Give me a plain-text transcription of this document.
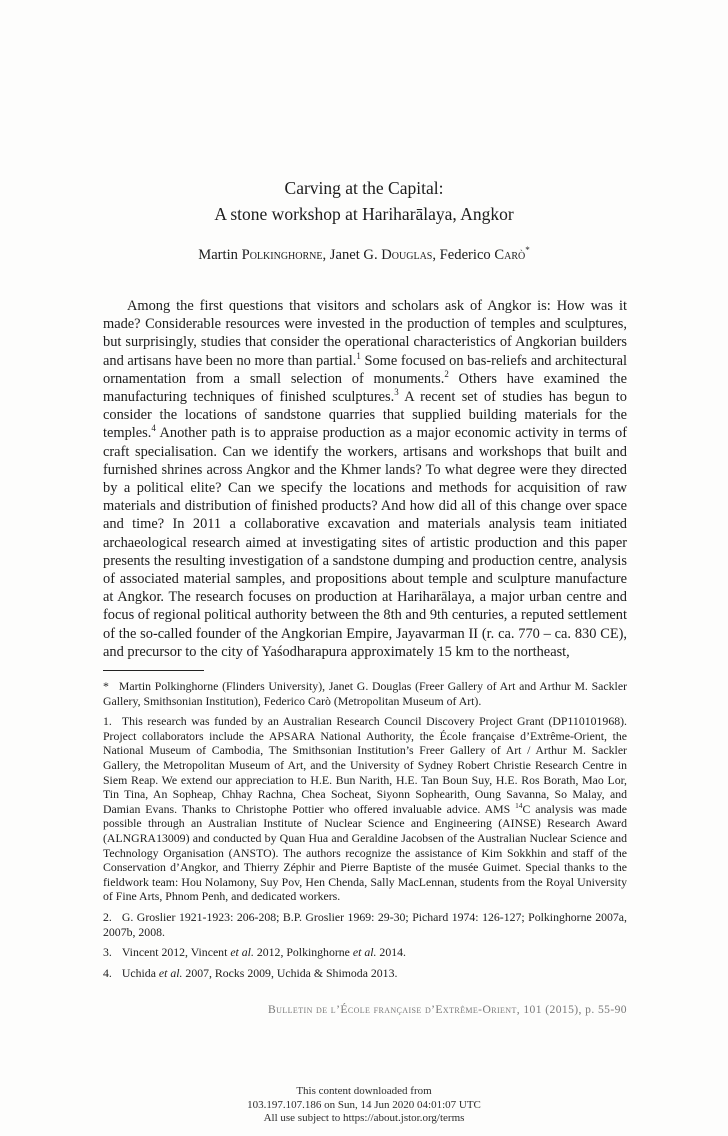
Carving at the Capital:
A stone workshop at Hariharālaya, Angkor

Martin Polkinghorne, Janet G. Douglas, Federico Carò*

Among the first questions that visitors and scholars ask of Angkor is: How was it made? Considerable resources were invested in the production of temples and sculptures, but surprisingly, studies that consider the operational characteristics of Angkorian builders and artisans have been no more than partial.$^1$ Some focused on bas-reliefs and architectural ornamentation from a small selection of monuments.$^2$ Others have examined the manufacturing techniques of finished sculptures.$^3$ A recent set of studies has begun to consider the locations of sandstone quarries that supplied building materials for the temples.$^4$ Another path is to appraise production as a major economic activity in terms of craft specialisation. Can we identify the workers, artisans and workshops that built and furnished shrines across Angkor and the Khmer lands? To what degree were they directed by a political elite? Can we specify the locations and methods for acquisition of raw materials and distribution of finished products? And how did all of this change over space and time? In 2011 a collaborative excavation and materials analysis team initiated archaeological research aimed at investigating sites of artistic production and this paper presents the resulting investigation of a sandstone dumping and production centre, analysis of associated material samples, and propositions about temple and sculpture manufacture at Angkor. The research focuses on production at Hariharālaya, a major urban centre and focus of regional political authority between the 8th and 9th centuries, a reputed settlement of the so-called founder of the Angkorian Empire, Jayavarman II (r. ca. 770 – ca. 830 CE), and precursor to the city of Yaśodharapura approximately 15 km to the northeast,

* Martin Polkinghorne (Flinders University), Janet G. Douglas (Freer Gallery of Art and Arthur M. Sackler Gallery, Smithsonian Institution), Federico Carò (Metropolitan Museum of Art).

1. This research was funded by an Australian Research Council Discovery Project Grant (DP110101968). Project collaborators include the APSARA National Authority, the École française d’Extrême-Orient, the National Museum of Cambodia, The Smithsonian Institution’s Freer Gallery of Art / Arthur M. Sackler Gallery, the Metropolitan Museum of Art, and the University of Sydney Robert Christie Research Centre in Siem Reap. We extend our appreciation to H.E. Bun Narith, H.E. Tan Boun Suy, H.E. Ros Borath, Mao Lor, Tin Tina, An Sopheap, Chhay Rachna, Chea Socheat, Siyonn Sophearith, Oung Savanna, So Malay, and Damian Evans. Thanks to Christophe Pottier who offered invaluable advice. AMS $^{14}$C analysis was made possible through an Australian Institute of Nuclear Science and Engineering (AINSE) Research Award (ALNGRA13009) and conducted by Quan Hua and Geraldine Jacobsen of the Australian Nuclear Science and Technology Organisation (ANSTO). The authors recognize the assistance of Kim Sokkhin and staff of the Conservation d’Angkor, and Thierry Zéphir and Pierre Baptiste of the musée Guimet. Special thanks to the fieldwork team: Hou Nolamony, Suy Pov, Hen Chenda, Sally MacLennan, students from the Royal University of Fine Arts, Phnom Penh, and dedicated workers.

2. G. Groslier 1921-1923: 206-208; B.P. Groslier 1969: 29-30; Pichard 1974: 126-127; Polkinghorne 2007a, 2007b, 2008.

3. Vincent 2012, Vincent et al. 2012, Polkinghorne et al. 2014.

4. Uchida et al. 2007, Rocks 2009, Uchida & Shimoda 2013.

Bulletin de l’École française d’Extrême-Orient, 101 (2015), p. 55-90

This content downloaded from
103.197.107.186 on Sun, 14 Jun 2020 04:01:07 UTC
All use subject to https://about.jstor.org/terms
